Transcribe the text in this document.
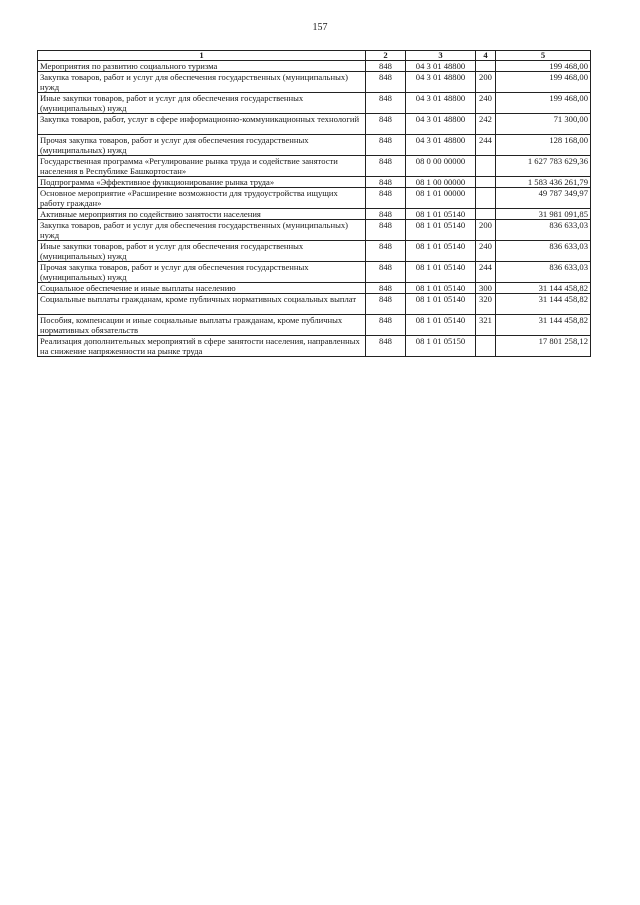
157
1	2	3	4	5
Мероприятия по развитию социального туризма	848	04 3 01 48800		199 468,00
Закупка товаров, работ и услуг для обеспечения государственных (муниципальных) нужд	848	04 3 01 48800	200	199 468,00
Иные закупки товаров, работ и услуг для обеспечения государственных (муниципальных) нужд	848	04 3 01 48800	240	199 468,00
Закупка товаров, работ, услуг в сфере информационно-коммуникационных технологий	848	04 3 01 48800	242	71 300,00
Прочая закупка товаров, работ и услуг для обеспечения государственных (муниципальных) нужд	848	04 3 01 48800	244	128 168,00
Государственная программа «Регулирование рынка труда и содействие занятости населения в Республике Башкортостан»	848	08 0 00 00000		1 627 783 629,36
Подпрограмма «Эффективное функционирование рынка труда»	848	08 1 00 00000		1 583 436 261,79
Основное мероприятие «Расширение возможности для трудоустройства ищущих работу граждан»	848	08 1 01 00000		49 787 349,97
Активные мероприятия по содействию занятости населения	848	08 1 01 05140		31 981 091,85
Закупка товаров, работ и услуг для обеспечения государственных (муниципальных) нужд	848	08 1 01 05140	200	836 633,03
Иные закупки товаров, работ и услуг для обеспечения государственных (муниципальных) нужд	848	08 1 01 05140	240	836 633,03
Прочая закупка товаров, работ и услуг для обеспечения государственных (муниципальных) нужд	848	08 1 01 05140	244	836 633,03
Социальное обеспечение и иные выплаты населению	848	08 1 01 05140	300	31 144 458,82
Социальные выплаты гражданам, кроме публичных нормативных социальных выплат	848	08 1 01 05140	320	31 144 458,82
Пособия, компенсации и иные социальные выплаты гражданам, кроме публичных нормативных обязательств	848	08 1 01 05140	321	31 144 458,82
Реализация дополнительных мероприятий в сфере занятости населения, направленных на снижение напряженности на рынке труда	848	08 1 01 05150		17 801 258,12
